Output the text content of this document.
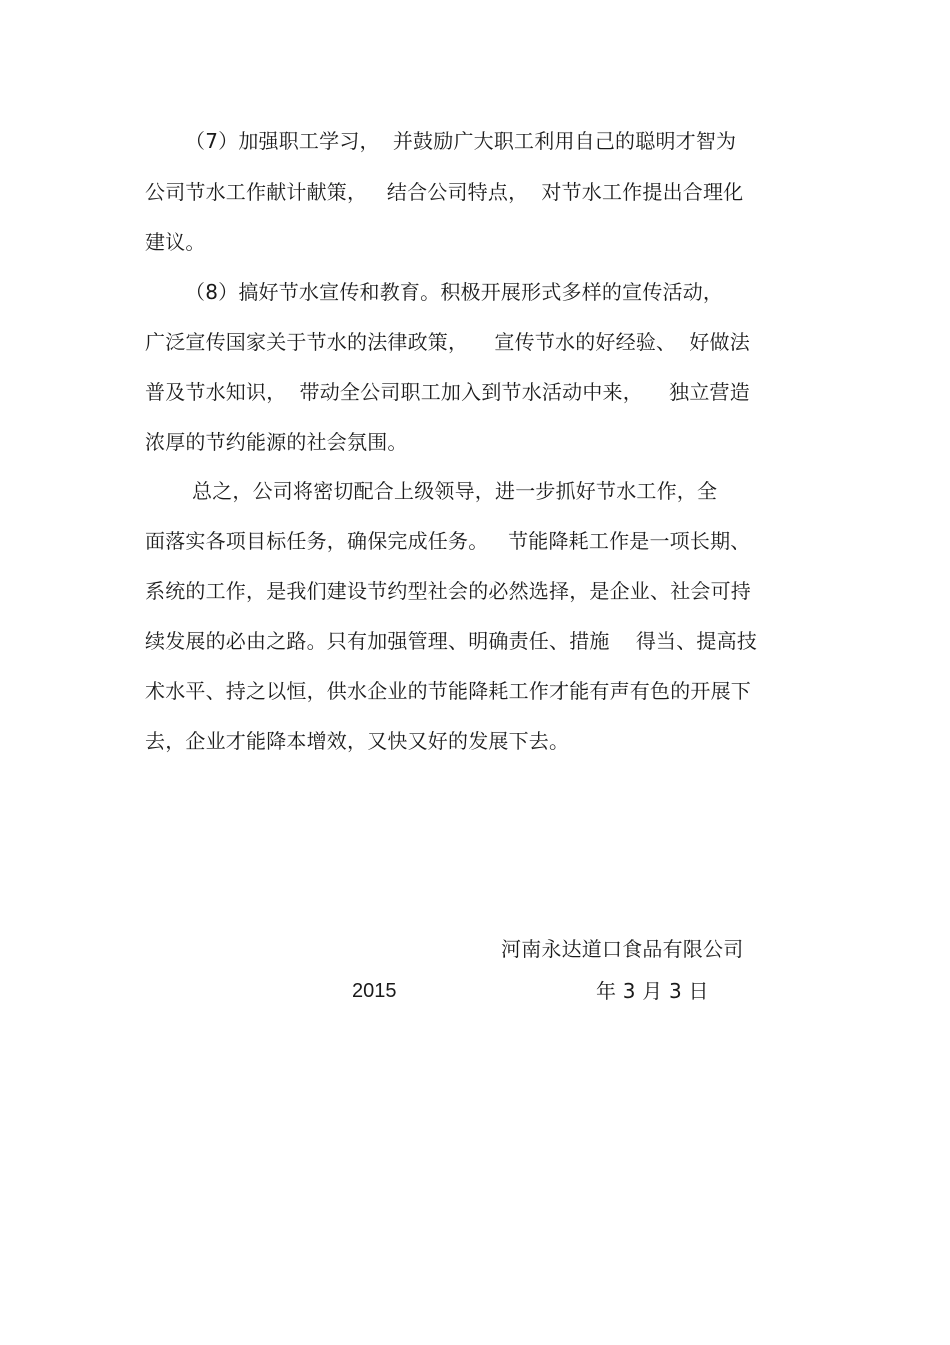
（7）加强职工学习，  并鼓励广大职工利用自己的聪明才智为
公司节水工作献计献策，   结合公司特点，  对节水工作提出合理化
建议。
（8）搞好节水宣传和教育。积极开展形式多样的宣传活动，
广泛宣传国家关于节水的法律政策，    宣传节水的好经验、  好做法
普及节水知识，  带动全公司职工加入到节水活动中来，    独立营造
浓厚的节约能源的社会氛围。
总之，公司将密切配合上级领导，进一步抓好节水工作，全
面落实各项目标任务，确保完成任务。   节能降耗工作是一项长期、
系统的工作，是我们建设节约型社会的必然选择，是企业、社会可持
续发展的必由之路。只有加强管理、明确责任、措施    得当、提高技
术水平、持之以恒，供水企业的节能降耗工作才能有声有色的开展下
去，企业才能降本增效，又快又好的发展下去。
河南永达道口食品有限公司
2015	年 3 月 3 日
